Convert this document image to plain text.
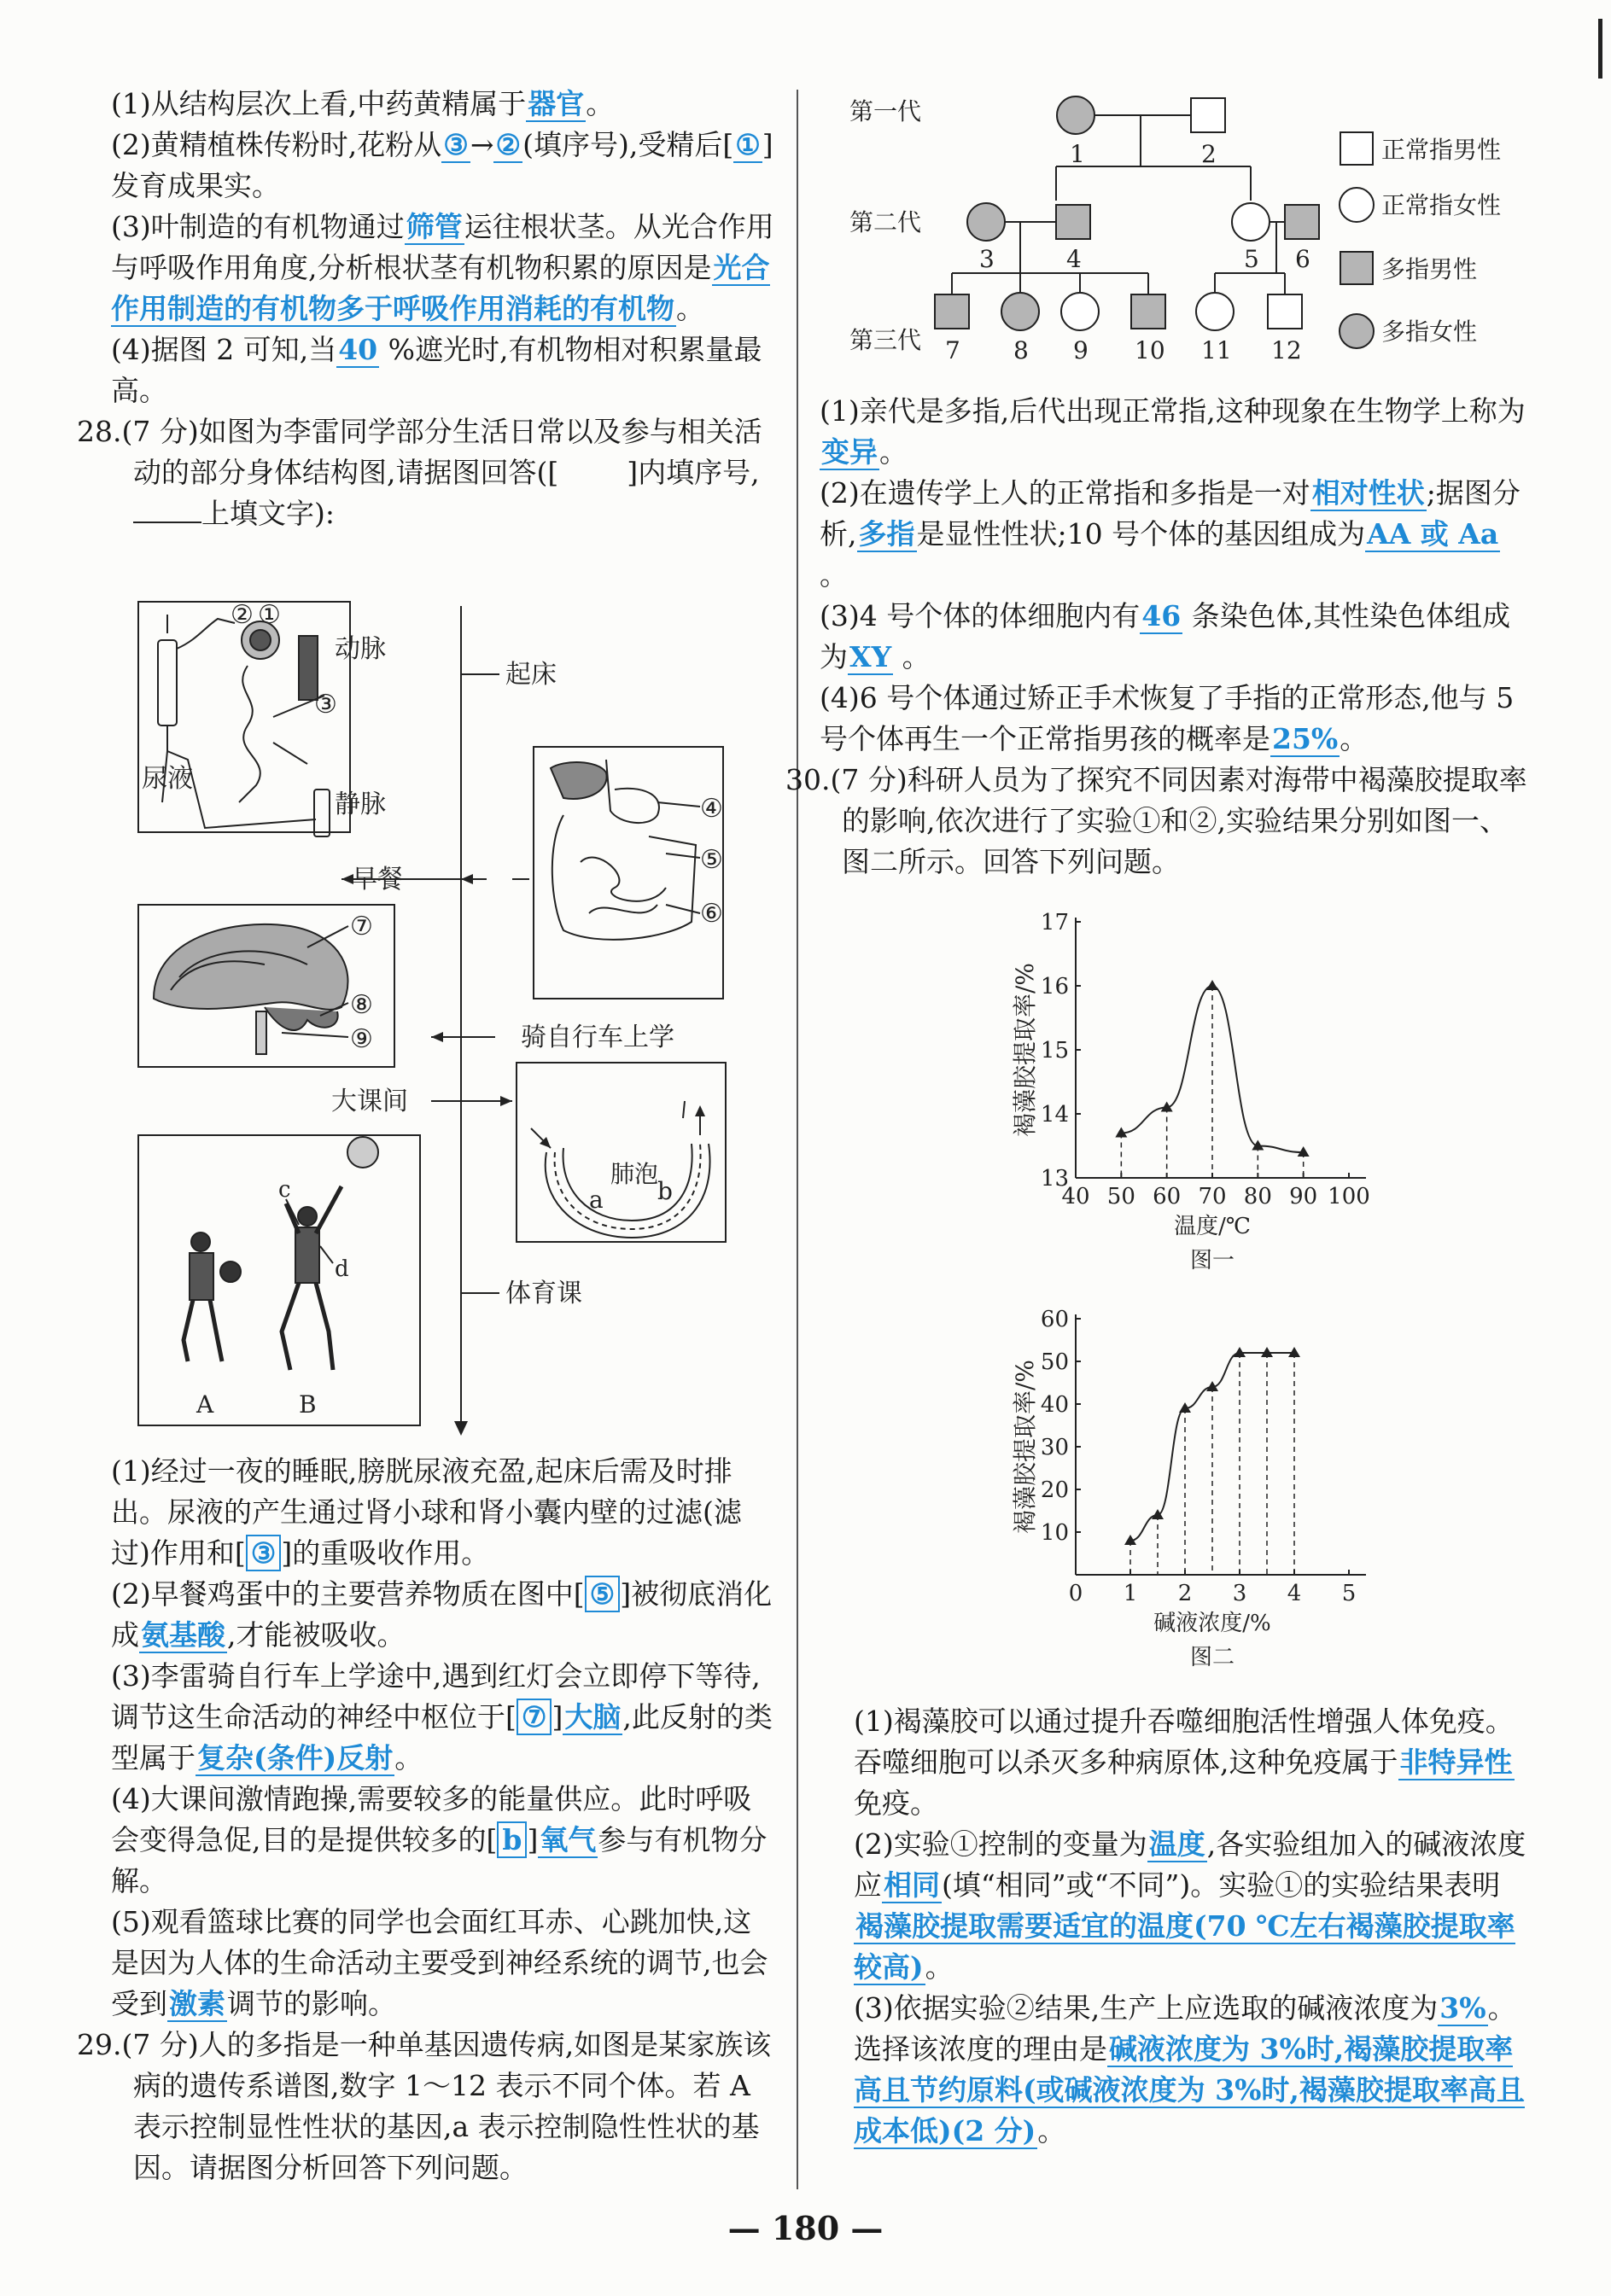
(1)从结构层次上看,中药黄精属于器官。
(2)黄精植株传粉时,花粉从③→②(填序号),受精后[①]发育成果实。
(3)叶制造的有机物通过筛管运往根状茎。从光合作用与呼吸作用角度,分析根状茎有机物积累的原因是光合作用制造的有机物多于呼吸作用消耗的有机物。
(4)据图 2 可知,当40 %遮光时,有机物相对积累量最高。
28.(7 分)如图为李雷同学部分生活日常以及参与相关活动的部分身体结构图,请据图回答([ ]内填序号,上填文字):
② ①
动脉
③
尿液
静脉
起床
早餐
骑自行车上学
大课间
体育课
④
⑤
⑥
⑦
⑧
⑨
肺泡
a b
c
d
A	B
(1)经过一夜的睡眠,膀胱尿液充盈,起床后需及时排出。尿液的产生通过肾小球和肾小囊内壁的过滤(滤过)作用和[ ③ ]的重吸收作用。
(2)早餐鸡蛋中的主要营养物质在图中[ ⑤ ]被彻底消化成氨基酸,才能被吸收。
(3)李雷骑自行车上学途中,遇到红灯会立即停下等待,调节这生命活动的神经中枢位于[ ⑦ ]大脑,此反射的类型属于复杂(条件)反射。
(4)大课间激情跑操,需要较多的能量供应。此时呼吸会变得急促,目的是提供较多的[ b ]氧气参与有机物分解。
(5)观看篮球比赛的同学也会面红耳赤、心跳加快,这是因为人体的生命活动主要受到神经系统的调节,也会受到激素调节的影响。
29.(7 分)人的多指是一种单基因遗传病,如图是某家族该病的遗传系谱图,数字 1～12 表示不同个体。若 A 表示控制显性性状的基因,a 表示控制隐性性状的基因。请据图分析回答下列问题。
第一代
第二代
第三代
1	2
3	4	5 6
7 8 9 10 11 12
正常指男性
正常指女性
多指男性
多指女性
(1)亲代是多指,后代出现正常指,这种现象在生物学上称为变异。
(2)在遗传学上人的正常指和多指是一对相对性状;据图分析,多指是显性性状;10 号个体的基因组成为AA 或 Aa 。
(3)4 号个体的体细胞内有46 条染色体,其性染色体组成为XY 。
(4)6 号个体通过矫正手术恢复了手指的正常形态,他与 5 号个体再生一个正常指男孩的概率是25%。
30.(7 分)科研人员为了探究不同因素对海带中褐藻胶提取率的影响,依次进行了实验①和②,实验结果分别如图一、图二所示。回答下列问题。
40 50 60 70 80 90 100
13
14
15
16
17
温度/℃
图一
褐藻胶提取率/%
0 1 2 3 4 5
10
20
30
40
50
60
碱液浓度/%
图二
褐藻胶提取率/%
(1)褐藻胶可以通过提升吞噬细胞活性增强人体免疫。吞噬细胞可以杀灭多种病原体,这种免疫属于非特异性免疫。
(2)实验①控制的变量为温度,各实验组加入的碱液浓度应相同(填“相同”或“不同”)。实验①的实验结果表明褐藻胶提取需要适宜的温度(70 ℃左右褐藻胶提取率较高)。
(3)依据实验②结果,生产上应选取的碱液浓度为3%。选择该浓度的理由是碱液浓度为 3%时,褐藻胶提取率高且节约原料(或碱液浓度为 3%时,褐藻胶提取率高且成本低)(2 分)。
— 180 —
